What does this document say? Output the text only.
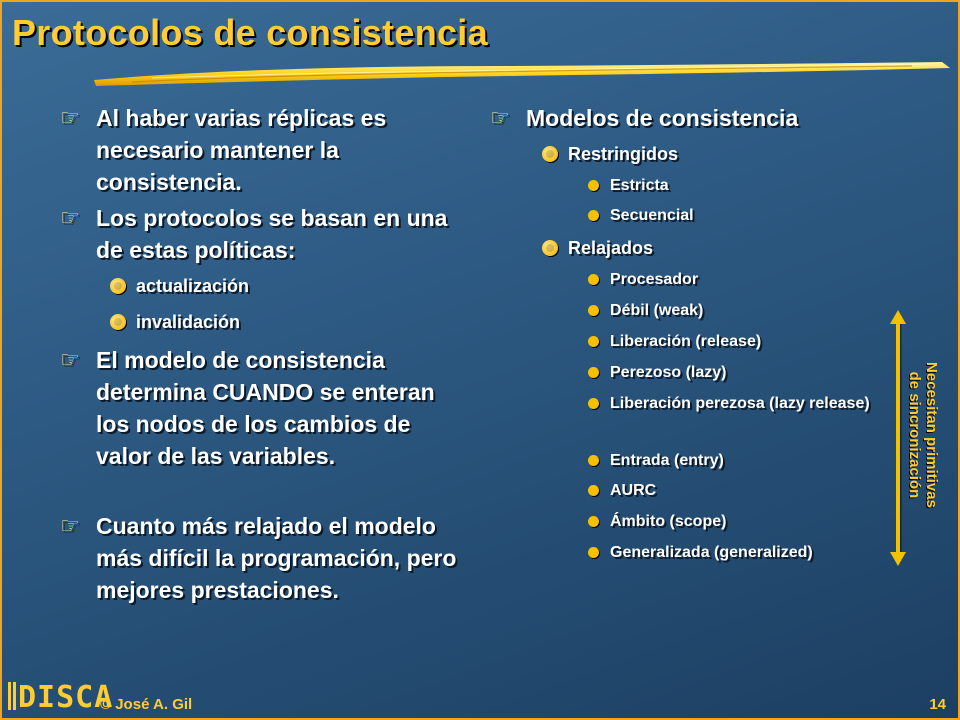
Protocolos de consistencia
☞ Al haber varias réplicas es necesario mantener la consistencia.
☞ Los protocolos se basan en una de estas políticas:
actualización
invalidación
☞ El modelo de consistencia determina CUANDO se enteran los nodos de los cambios de valor de las variables.
☞ Cuanto más relajado el modelo más difícil la programación, pero mejores prestaciones.
☞ Modelos de consistencia
Restringidos
Estricta
Secuencial
Relajados
Procesador
Débil (weak)
Liberación (release)
Perezoso (lazy)
Liberación perezosa (lazy release)
Entrada (entry)
AURC
Ámbito (scope)
Generalizada (generalized)
Necesitan primitivas
de sincronización
DISCA
© José A. Gil	14
